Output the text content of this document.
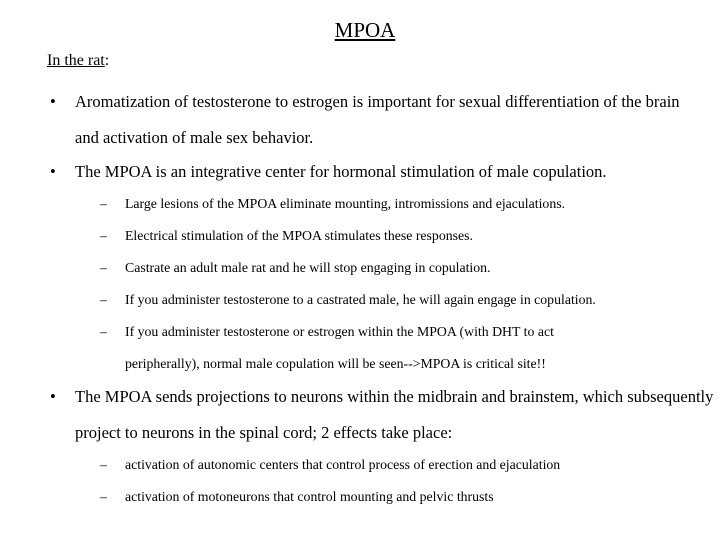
MPOA
In the rat:
• Aromatization of testosterone to estrogen is important for sexual differentiation of the brain and activation of male sex behavior.
• The MPOA is an integrative center for hormonal stimulation of male copulation.
– Large lesions of the MPOA eliminate mounting, intromissions and ejaculations.
– Electrical stimulation of the MPOA stimulates these responses.
– Castrate an adult male rat and he will stop engaging in copulation.
– If you administer testosterone to a castrated male, he will again engage in copulation.
– If you administer testosterone or estrogen within the MPOA (with DHT to act peripherally), normal male copulation will be seen-->MPOA is critical site!!
• The MPOA sends projections to neurons within the midbrain and brainstem, which subsequently project to neurons in the spinal cord; 2 effects take place:
– activation of autonomic centers that control process of erection and ejaculation
– activation of motoneurons that control mounting and pelvic thrusts
